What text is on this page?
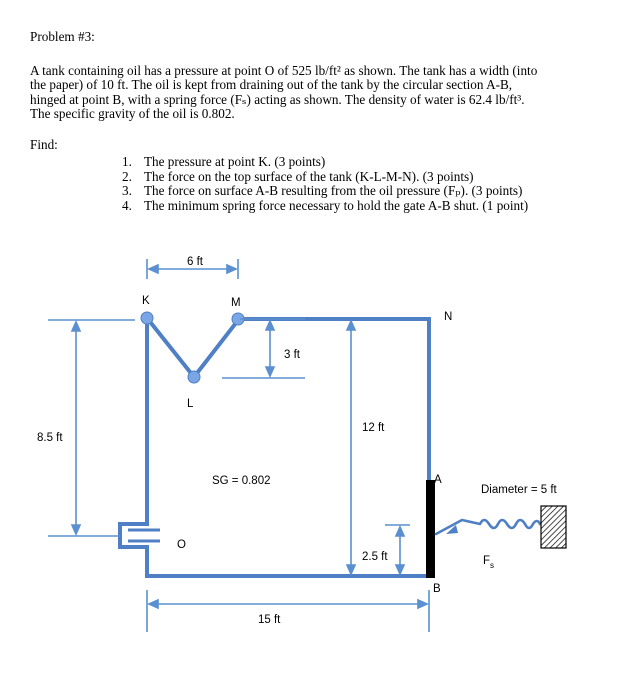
Problem #3:
A tank containing oil has a pressure at point O of 525 lb/ft² as shown. The tank has a width (into
the paper) of 10 ft. The oil is kept from draining out of the tank by the circular section A-B,
hinged at point B, with a spring force (Fₛ) acting as shown. The density of water is 62.4 lb/ft³.
The specific gravity of the oil is 0.802.
Find:
1. The pressure at point K. (3 points)
2. The force on the top surface of the tank (K-L-M-N). (3 points)
3. The force on surface A-B resulting from the oil pressure (Fₚ). (3 points)
4. The minimum spring force necessary to hold the gate A-B shut. (1 point)
6 ft
K	M
N
3 ft
L
12 ft
8.5 ft
SG = 0.802	A
Diameter = 5 ft
O
2.5 ft	$F_s$
B
15 ft
